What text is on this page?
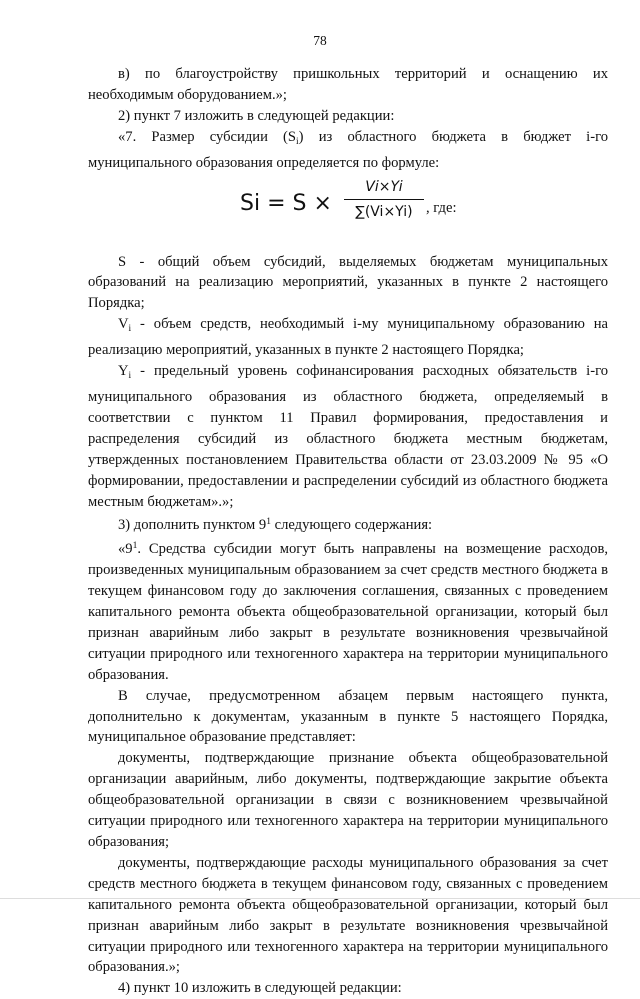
78

в) по благоустройству пришкольных территорий и оснащению их необходимым оборудованием.»;

2) пункт 7 изложить в следующей редакции:

«7. Размер субсидии $(S_i)$ из областного бюджета в бюджет i-го муниципального образования определяется по формуле:

Si = S ×
Vi×Yi
∑(Vi×Yi) , где:

S - общий объем субсидий, выделяемых бюджетам муниципальных образований на реализацию мероприятий, указанных в пункте 2 настоящего Порядка;

$V_i$ - объем средств, необходимый i-му муниципальному образованию на реализацию мероприятий, указанных в пункте 2 настоящего Порядка;

$Y_i$ - предельный уровень софинансирования расходных обязательств i-го муниципального образования из областного бюджета, определяемый в соответствии с пунктом 11 Правил формирования, предоставления и распределения субсидий из областного бюджета местным бюджетам, утвержденных постановлением Правительства области от 23.03.2009 № 95 «О формировании, предоставлении и распределении субсидий из областного бюджета местным бюджетам».»;

3) дополнить пунктом $9^1$ следующего содержания:

«$9^1$. Средства субсидии могут быть направлены на возмещение расходов, произведенных муниципальным образованием за счет средств местного бюджета в текущем финансовом году до заключения соглашения, связанных с проведением капитального ремонта объекта общеобразовательной организации, который был признан аварийным либо закрыт в результате возникновения чрезвычайной ситуации природного или техногенного характера на территории муниципального образования.

В случае, предусмотренном абзацем первым настоящего пункта, дополнительно к документам, указанным в пункте 5 настоящего Порядка, муниципальное образование представляет:

документы, подтверждающие признание объекта общеобразовательной организации аварийным, либо документы, подтверждающие закрытие объекта общеобразовательной организации в связи с возникновением чрезвычайной ситуации природного или техногенного характера на территории муниципального образования;

документы, подтверждающие расходы муниципального образования за счет средств местного бюджета в текущем финансовом году, связанных с проведением капитального ремонта объекта общеобразовательной организации, который был признан аварийным либо закрыт в результате возникновения чрезвычайной ситуации природного или техногенного характера на территории муниципального образования.»;

4) пункт 10 изложить в следующей редакции:
